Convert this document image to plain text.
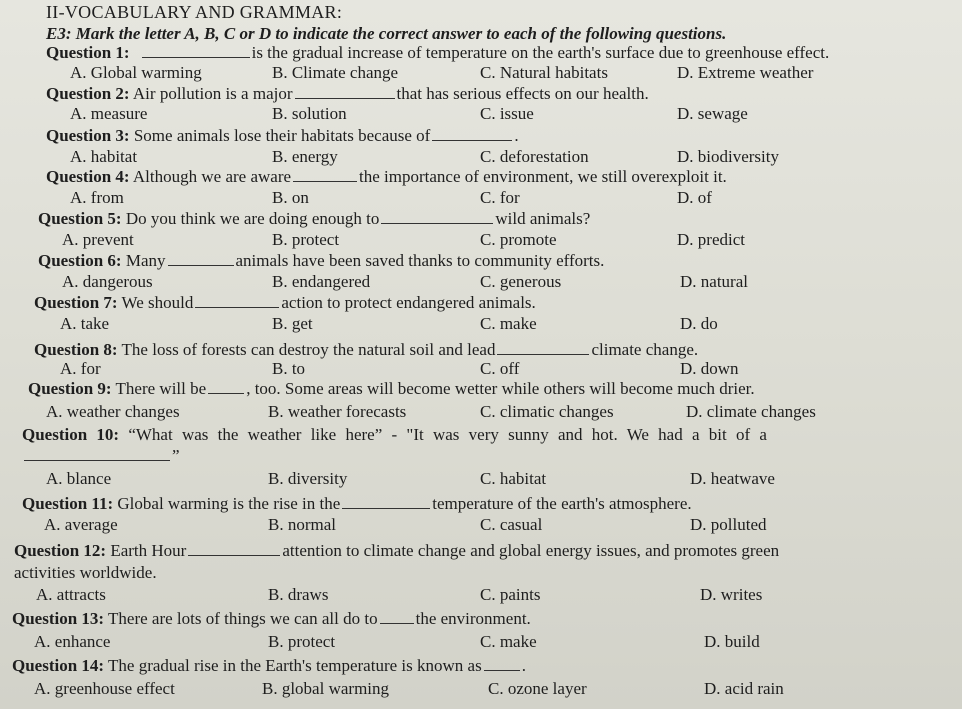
II-VOCABULARY AND GRAMMAR:
E3: Mark the letter A, B, C or D to indicate the correct answer to each of the following questions.
Question 1:	is the gradual increase of temperature on the earth's surface due to greenhouse effect.
A. Global warming	B. Climate change	C. Natural habitats	D. Extreme weather
Question 2: Air pollution is a major	that has serious effects on our health.
A. measure	B. solution	C. issue	D. sewage
Question 3: Some animals lose their habitats because of	.
A. habitat	B. energy	C. deforestation	D. biodiversity
Question 4: Although we are aware	the importance of environment, we still overexploit it.
A. from	B. on	C. for	D. of
Question 5: Do you think we are doing enough to	wild animals?
A. prevent	B. protect	C. promote	D. predict
Question 6: Many	animals have been saved thanks to community efforts.
A. dangerous	B. endangered	C. generous	D. natural
Question 7: We should	action to protect endangered animals.
A. take	B. get	C. make	D. do
Question 8: The loss of forests can destroy the natural soil and lead	climate change.
A. for	B. to	C. off	D. down
Question 9: There will be , too. Some areas will become wetter while others will become much drier.
A. weather changes	B. weather forecasts	C. climatic changes	D. climate changes
Question 10: “What was the weather like here” - "It was very sunny and hot. We had a bit of a
”
A. blance	B. diversity	C. habitat	D. heatwave
Question 11: Global warming is the rise in the	temperature of the earth's atmosphere.
A. average	B. normal	C. casual	D. polluted
Question 12: Earth Hour	attention to climate change and global energy issues, and promotes green
activities worldwide.
A. attracts	B. draws	C. paints	D. writes
Question 13: There are lots of things we can all do to the environment.
A. enhance	B. protect	C. make	D. build
Question 14: The gradual rise in the Earth's temperature is known as .
A. greenhouse effect	B. global warming	C. ozone layer	D. acid rain
